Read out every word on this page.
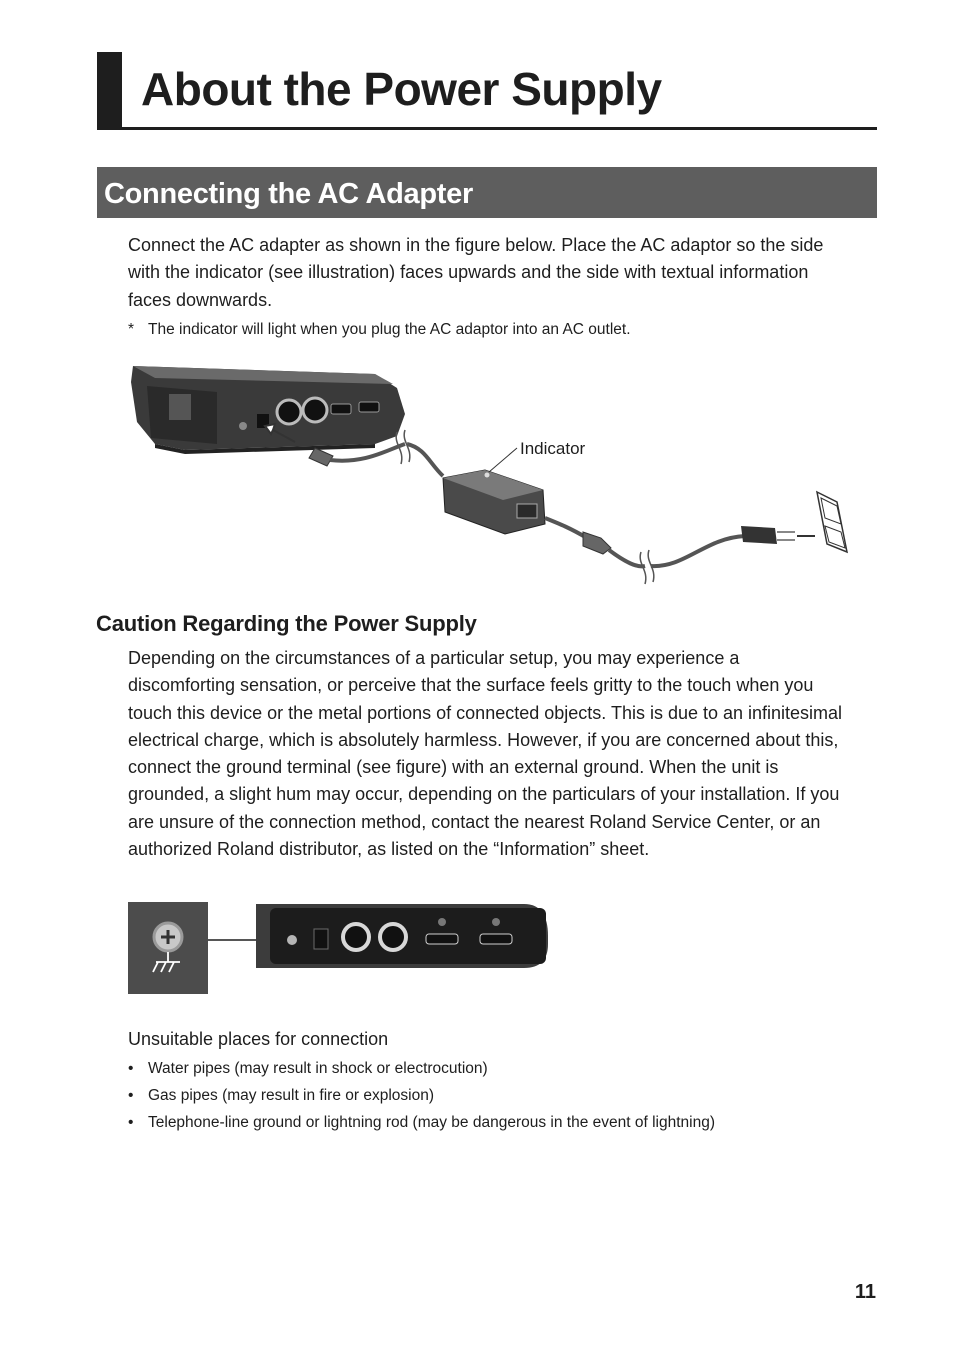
About the Power Supply
Connecting the AC Adapter

Connect the AC adapter as shown in the figure below. Place the AC adaptor so the side with the indicator (see illustration) faces upwards and the side with textual information faces downwards.

* The indicator will light when you plug the AC adaptor into an AC outlet.

Indicator
Caution Regarding the Power Supply

Depending on the circumstances of a particular setup, you may experience a discomforting sensation, or perceive that the surface feels gritty to the touch when you touch this device or the metal portions of connected objects. This is due to an infinitesimal electrical charge, which is absolutely harmless. However, if you are concerned about this, connect the ground terminal (see figure) with an external ground. When the unit is grounded, a slight hum may occur, depending on the particulars of your installation. If you are unsure of the connection method, contact the nearest Roland Service Center, or an authorized Roland distributor, as listed on the “Information” sheet.

Unsuitable places for connection

• Water pipes (may result in shock or electrocution)
• Gas pipes (may result in fire or explosion)
• Telephone-line ground or lightning rod (may be dangerous in the event of lightning)
11
